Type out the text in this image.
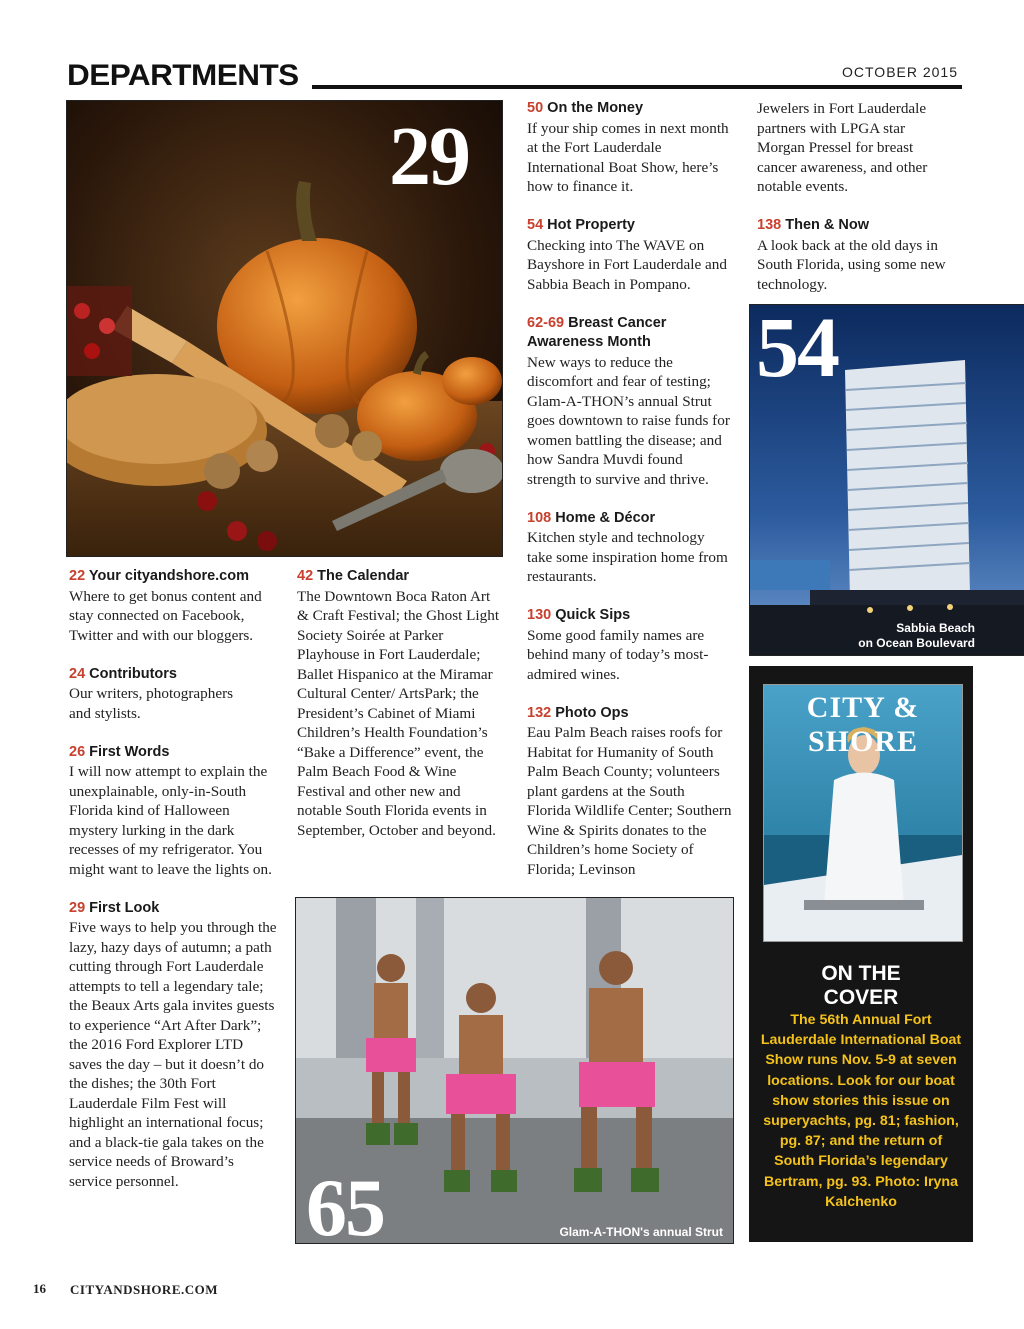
DEPARTMENTS	OCTOBER 2015
29
54
Sabbia Beach
on Ocean Boulevard
65	Glam-A-THON's annual Strut
22 Your cityandshore.com
Where to get bonus content and stay connected on Facebook, Twitter and with our bloggers.
24 Contributors
Our writers, photographers and stylists.
26 First Words
I will now attempt to explain the unexplainable, only-in-South Florida kind of Halloween mystery lurking in the dark recesses of my refrigerator. You might want to leave the lights on.
29 First Look
Five ways to help you through the lazy, hazy days of autumn; a path cutting through Fort Lauderdale attempts to tell a legendary tale; the Beaux Arts gala invites guests to experience “Art After Dark”; the 2016 Ford Explorer LTD saves the day – but it doesn’t do the dishes; the 30th Fort Lauderdale Film Fest will highlight an international focus; and a black-tie gala takes on the service needs of Broward’s service personnel.
42 The Calendar
The Downtown Boca Raton Art & Craft Festival; the Ghost Light Society Soirée at Parker Playhouse in Fort Lauderdale; Ballet Hispanico at the Miramar Cultural Center/ ArtsPark; the President’s Cabinet of Miami Children’s Health Foundation’s “Bake a Difference” event, the Palm Beach Food & Wine Festival and other new and notable South Florida events in September, October and beyond.
50 On the Money
If your ship comes in next month at the Fort Lauderdale International Boat Show, here’s how to finance it.
54 Hot Property
Checking into The WAVE on Bayshore in Fort Lauderdale and Sabbia Beach in Pompano.
62-69 Breast Cancer Awareness Month
New ways to reduce the discomfort and fear of testing; Glam-A-THON’s annual Strut goes downtown to raise funds for women battling the disease; and how Sandra Muvdi found strength to survive and thrive.
108 Home & Décor
Kitchen style and technology take some inspiration home from restaurants.
130 Quick Sips
Some good family names are behind many of today’s most-admired wines.
132 Photo Ops
Eau Palm Beach raises roofs for Habitat for Humanity of South Palm Beach County; volunteers plant gardens at the South Florida Wildlife Center; Southern Wine & Spirits donates to the Children’s home Society of Florida; Levinson
Jewelers in Fort Lauderdale partners with LPGA star Morgan Pressel for breast cancer awareness, and other notable events.
138 Then & Now
A look back at the old days in South Florida, using some new technology.
CITY & SHORE
ON THE
COVER
The 56th Annual Fort Lauderdale International Boat Show runs Nov. 5-9 at seven locations. Look for our boat show stories this issue on superyachts, pg. 81; fashion, pg. 87; and the return of South Florida’s legendary Bertram, pg. 93. Photo: Iryna Kalchenko
16 CITYANDSHORE.COM
